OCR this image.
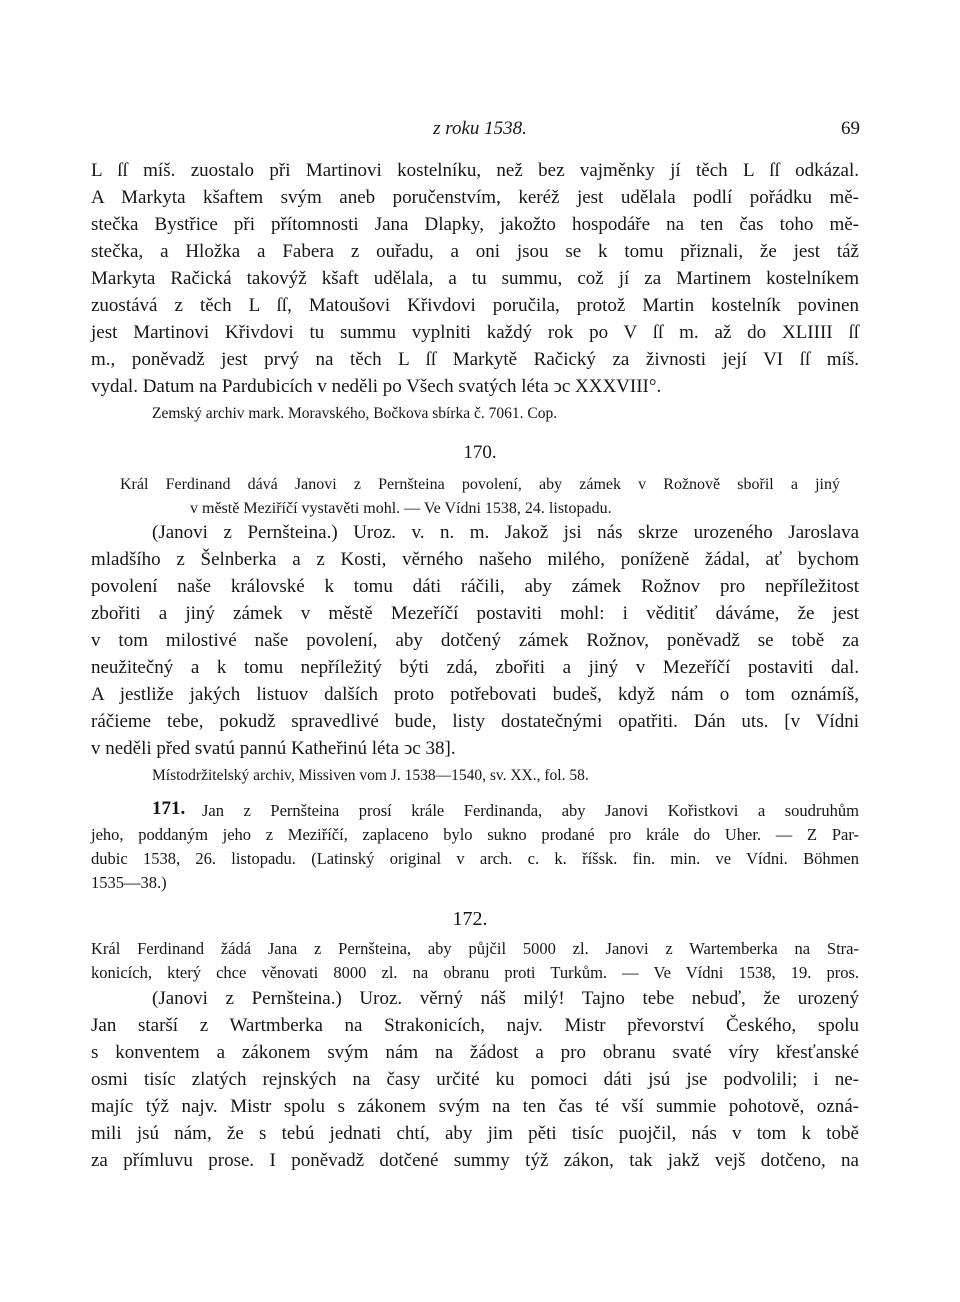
z roku 1538.	69
L ſſ míš. zuostalo při Martinovi kostelníku, než bez vajměnky jí těch L ſſ odkázal.
A Markyta kšaftem svým aneb poručenstvím, keréž jest udělala podlí pořádku mě-
stečka Bystřice při přítomnosti Jana Dlapky, jakožto hospodáře na ten čas toho mě-
stečka, a Hložka a Fabera z ouřadu, a oni jsou se k tomu přiznali, že jest táž
Markyta Račická takovýž kšaft udělala, a tu summu, což jí za Martinem kostelníkem
zuostává z těch L ſſ, Matoušovi Křivdovi poručila, protož Martin kostelník povinen
jest Martinovi Křivdovi tu summu vyplniti každý rok po V ſſ m. až do XLIIII ſſ
m., poněvadž jest prvý na těch L ſſ Markytě Račický za živnosti její VI ſſ míš.
vydal. Datum na Pardubicích v neděli po Všech svatých léta ↄc XXXVIII°.
Zemský archiv mark. Moravského, Bočkova sbírka č. 7061. Cop.
170.
Král Ferdinand dává Janovi z Pernšteina povolení, aby zámek v Rožnově sbořil a jiný
v městě Meziříčí vystavěti mohl. — Ve Vídni 1538, 24. listopadu.
(Janovi z Pernšteina.) Uroz. v. n. m. Jakož jsi nás skrze urozeného Jaroslava
mladšího z Šelnberka a z Kosti, věrného našeho milého, poníženě žádal, ať bychom
povolení naše královské k tomu dáti ráčili, aby zámek Rožnov pro nepříležitost
zbořiti a jiný zámek v městě Mezeříčí postaviti mohl: i věditiť dáváme, že jest
v tom milostivé naše povolení, aby dotčený zámek Rožnov, poněvadž se tobě za
neužitečný a k tomu nepříležitý býti zdá, zbořiti a jiný v Mezeříčí postaviti dal.
A jestliže jakých listuov dalších proto potřebovati budeš, když nám o tom oznámíš,
ráčieme tebe, pokudž spravedlivé bude, listy dostatečnými opatřiti. Dán uts. [v Vídni
v neděli před svatú pannú Katheřinú léta ↄc 38].
Místodržitelský archiv, Missiven vom J. 1538—1540, sv. XX., fol. 58.
171. Jan z Pernšteina prosí krále Ferdinanda, aby Janovi Kořistkovi a soudruhům
jeho, poddaným jeho z Meziříčí, zaplaceno bylo sukno prodané pro krále do Uher. — Z Par-
dubic 1538, 26. listopadu. (Latinský original v arch. c. k. říšsk. fin. min. ve Vídni. Böhmen
1535—38.)
172.
Král Ferdinand žádá Jana z Pernšteina, aby půjčil 5000 zl. Janovi z Wartemberka na Stra-
konicích, který chce věnovati 8000 zl. na obranu proti Turkům. — Ve Vídni 1538, 19. pros.
(Janovi z Pernšteina.) Uroz. věrný náš milý! Tajno tebe nebuď, že urozený
Jan starší z Wartmberka na Strakonicích, najv. Mistr převorství Českého, spolu
s konventem a zákonem svým nám na žádost a pro obranu svaté víry křesťanské
osmi tisíc zlatých rejnských na časy určité ku pomoci dáti jsú jse podvolili; i ne-
majíc týž najv. Mistr spolu s zákonem svým na ten čas té vší summie pohotově, ozná-
mili jsú nám, že s tebú jednati chtí, aby jim pěti tisíc puojčil, nás v tom k tobě
za přímluvu prose. I poněvadž dotčené summy týž zákon, tak jakž vejš dotčeno, na
